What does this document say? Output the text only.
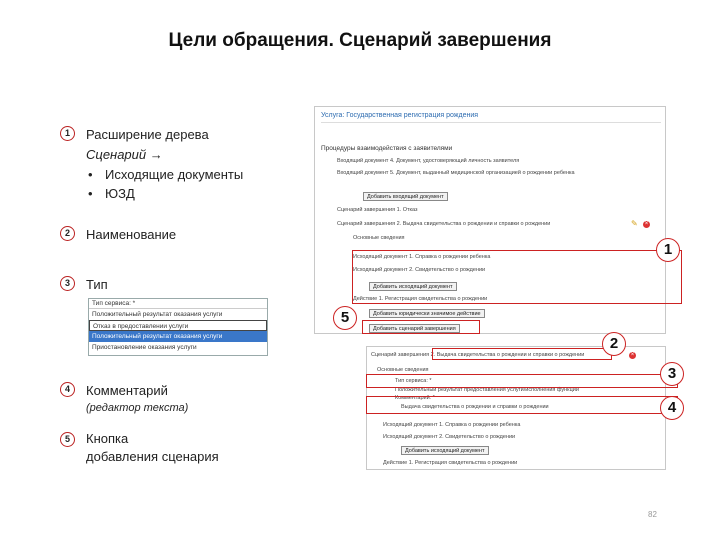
Цели обращения. Сценарий завершения
1	Расширение дерева
Сценарий →
• Исходящие документы
• ЮЗД
2	Наименование
3	Тип
Тип сервиса: *
Положительный результат оказания услуги
Отказ в предоставлении услуги
Положительный результат оказания услуги
Приостановление оказания услуги
4	Комментарий
(редактор текста)
5	Кнопка
добавления сценария
Услуга: Государственная регистрация рождения
Процедуры взаимодействия с заявителями
Входящий документ 4. Документ, удостоверяющий личность заявителя
Входящий документ 5. Документ, выданный медицинской организацией о рождении ребенка
Добавить входящий документ
Сценарий завершения 1. Отказ
Сценарий завершения 2. Выдача свидетельства о рождении и справки о рождении	✎ ×
Основные сведения
Исходящий документ 1. Справка о рождении ребенка
Исходящий документ 2. Свидетельство о рождении
Добавить исходящий документ
Действие 1. Регистрация свидетельства о рождении
Добавить юридически значимое действие
Добавить сценарий завершения
1
5
Сценарий завершения 2. Выдача свидетельства о рождении и справки о рождении	×
Основные сведения
Тип сервиса: *
Положительный результат предоставления услуги/исполнения функции
Комментарий: *
Выдача свидетельства о рождении и справки о рождении
Исходящий документ 1. Справка о рождении ребенка
Исходящий документ 2. Свидетельство о рождении
Добавить исходящий документ
Действие 1. Регистрация свидетельства о рождении
2
3
4
82
